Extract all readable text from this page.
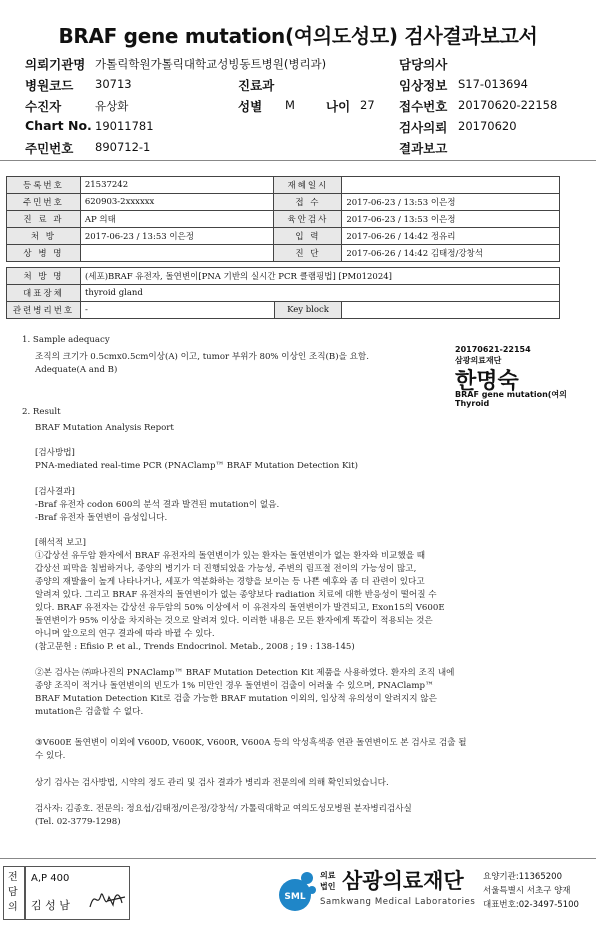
BRAF gene mutation(여의도성모) 검사결과보고서
의뢰기관명 가톨릭학원가톨릭대학교성빙동트병원(병리과)	담당의사
병원코드 30713	진료과	임상정보 S17-013694
수진자	유상화	성별 M 나이 27 접수번호 20170620-22158
Chart No. 19011781	검사의뢰 20170620
주민번호 890712-1	결과보고
등록번호	21537242	재혜일시	
주민번호	620903-2xxxxxx	접 수	2017-06-23 / 13:53 이은정
진 료 과	AP 의태	육안검사	2017-06-23 / 13:53 이은정
처 방	2017-06-23 / 13:53 이은정	입 력	2017-06-26 / 14:42 정유리
상 병 명		진 단	2017-06-26 / 14:42 김태정/강창석
처 방 명	(세포)BRAF 유전자, 돌연변이[PNA 기반의 실시간 PCR 클램핑법] [PM012024]		
대표장체	thyroid gland		
관련병리번호	-	Key block	
20170621-22154
삼광의료재단
한명숙
BRAF gene mutation(여의
Thyroid
1. Sample adequacy
조직의 크기가 0.5cmx0.5cm이상(A) 이고, tumor 부위가 80% 이상인 조직(B)을 요함.
Adequate(A and B)
2. Result
BRAF Mutation Analysis Report
[검사방법]
PNA-mediated real-time PCR (PNAClamp™ BRAF Mutation Detection Kit)
[검사결과]
-Braf 유전자 codon 600의 분석 결과 발견된 mutation이 없음.
-Braf 유전자 돌연변이 음성입니다.
[해석적 보고]
①갑상선 유두암 환자에서 BRAF 유전자의 돌연변이가 있는 환자는 돌연변이가 없는 환자와 비교했을 때
갑상선 피막을 침범하거나, 종양의 병기가 더 진행되었을 가능성, 주변의 림프절 전이의 가능성이 많고,
종양의 재발율이 높게 나타나거나, 세포가 역분화하는 경향을 보이는 등 나쁜 예후와 좀 더 관련이 있다고
알려져 있다. 그리고 BRAF 유전자의 돌연변이가 없는 종양보다 radiation 치료에 대한 반응성이 떨어질 수
있다. BRAF 유전자는 갑상선 유두암의 50% 이상에서 이 유전자의 돌연변이가 발견되고, Exon15의 V600E
돌연변이가 95% 이상을 차지하는 것으로 알려져 있다. 이러한 내용은 모든 환자에게 똑같이 적용되는 것은
아니며 앞으로의 연구 결과에 따라 바뀔 수 있다.
(참고문헌 : Efisio P. et al., Trends Endocrinol. Metab., 2008 ; 19 : 138-145)
②본 검사는 ㈜파나진의 PNAClamp™ BRAF Mutation Detection Kit 제품을 사용하였다. 환자의 조직 내에
종양 조직이 적거나 돌연변이의 빈도가 1% 미만인 경우 돌연변이 검출이 어려울 수 있으며, PNAClamp™
BRAF Mutation Detection Kit로 검출 가능한 BRAF mutation 이외의, 임상적 유의성이 알려지지 않은
mutation은 검출할 수 없다.
③V600E 돌연변이 이외에 V600D, V600K, V600R, V600A 등의 악성흑색종 연관 돌연변이도 본 검사로 검출 될
수 있다.
상기 검사는 검사방법, 시약의 정도 관리 및 검사 결과가 병리과 전문의에 의해 확인되었습니다.
검사자: 김종호. 전문의: 정요섭/김태정/이은정/강창석/ 가톨릭대학교 여의도성모병원 분자병리검사실
(Tel. 02-3779-1298)
전담의
A,P 400
김 성 남
SML
의료
법인 삼광의료재단
Samkwang Medical Laboratories
요양기관:11365200
서울특별시 서초구 양재
대표번호:02-3497-5100
